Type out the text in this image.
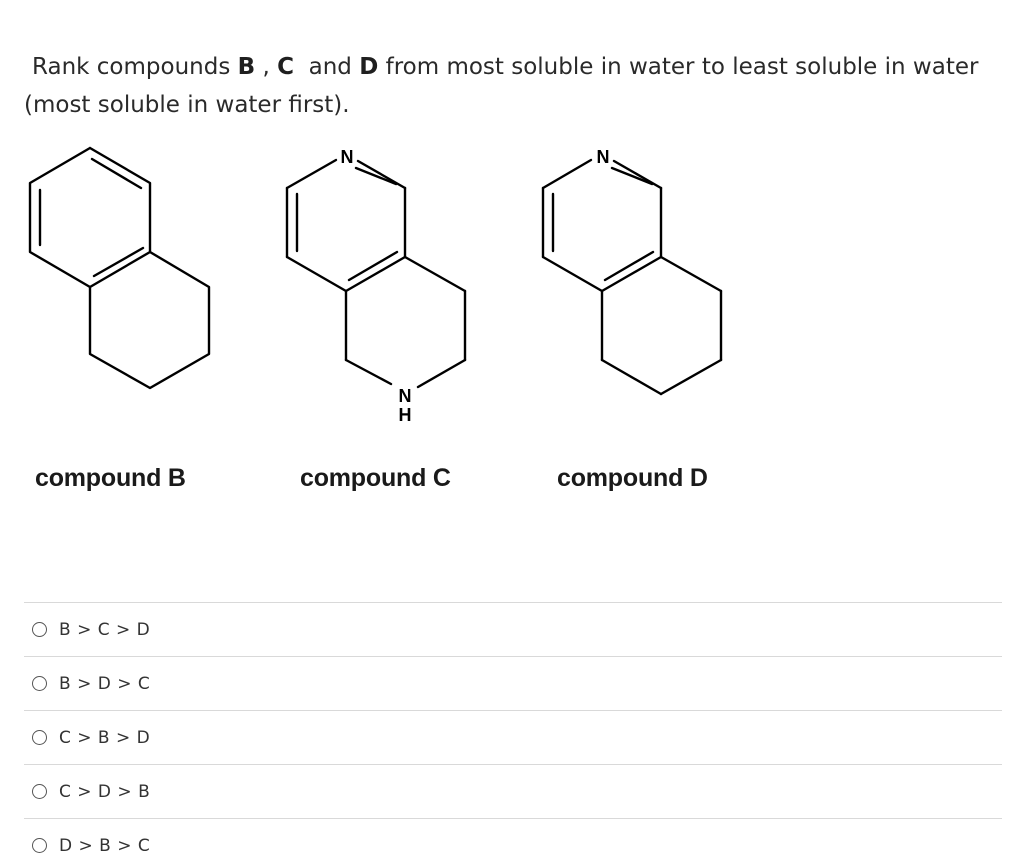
Rank compounds B , C  and D from most soluble in water to least soluble in water
(most soluble in water first).
N
N
H
N
compound B	compound C	compound D
B > C > D
B > D > C
C > B > D
C > D > B
D > B > C
